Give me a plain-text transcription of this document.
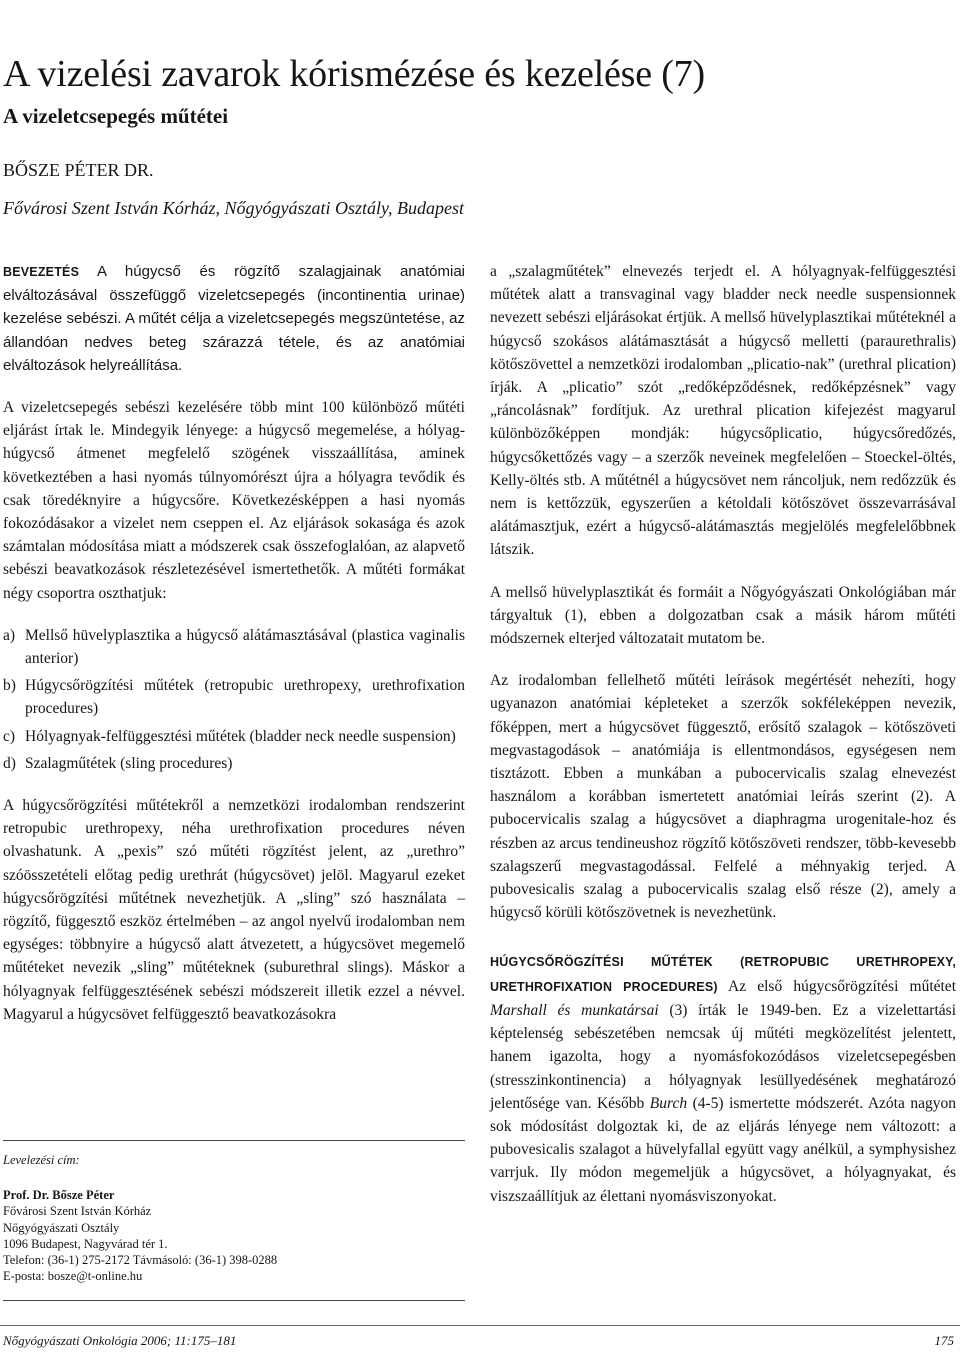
A vizelési zavarok kórismézése és kezelése (7)
A vizeletcsepegés műtétei
BŐSZE PÉTER DR.
Fővárosi Szent István Kórház, Nőgyógyászati Osztály, Budapest

BEVEZETÉS A húgycső és rögzítő szalagjainak anatómiai elváltozásával összefüggő vizeletcsepegés (incontinentia urinae) kezelése sebészi. A műtét célja a vizeletcsepegés megszüntetése, az állandóan nedves beteg szárazzá tétele, és az anatómiai elváltozások helyreállítása.

A vizeletcsepegés sebészi kezelésére több mint 100 különböző műtéti eljárást írtak le. Mindegyik lényege: a húgycső megemelése, a hólyag-húgycső átmenet megfelelő szögének visszaállítása, aminek következtében a hasi nyomás túlnyomórészt újra a hólyagra tevődik és csak töredéknyire a húgycsőre. Következésképpen a hasi nyomás fokozódásakor a vizelet nem cseppen el. Az eljárások sokasága és azok számtalan módosítása miatt a módszerek csak összefoglalóan, az alapvető sebészi beavatkozások részletezésével ismertethetők. A műtéti formákat négy csoportra oszthatjuk:

a) Mellső hüvelyplasztika a húgycső alátámasztásával (plastica vaginalis anterior)
b) Húgycsőrögzítési műtétek (retropubic urethropexy, urethrofixation procedures)
c) Hólyagnyak-felfüggesztési műtétek (bladder neck needle suspension)
d) Szalagműtétek (sling procedures)

A húgycsőrögzítési műtétekről a nemzetközi irodalomban rendszerint retropubic urethropexy, néha urethrofixation procedures néven olvashatunk. A „pexis” szó műtéti rögzítést jelent, az „urethro” szóösszetételi előtag pedig urethrát (húgycsövet) jelöl. Magyarul ezeket húgycsőrögzítési műtétnek nevezhetjük. A „sling” szó használata – rögzítő, függesztő eszköz értelmében – az angol nyelvű irodalomban nem egységes: többnyire a húgycső alatt átvezetett, a húgycsövet megemelő műtéteket nevezik „sling” műtéteknek (suburethral slings). Máskor a hólyagnyak felfüggesztésének sebészi módszereit illetik ezzel a névvel. Magyarul a húgycsövet felfüggesztő beavatkozásokra

Levelezési cím:
Prof. Dr. Bősze Péter
Fővárosi Szent István Kórház
Nőgyógyászati Osztály
1096 Budapest, Nagyvárad tér 1.
Telefon: (36-1) 275-2172 Távmásoló: (36-1) 398-0288
E-posta: bosze@t-online.hu

a „szalagműtétek” elnevezés terjedt el. A hólyagnyak-felfüggesztési műtétek alatt a transvaginal vagy bladder neck needle suspensionnek nevezett sebészi eljárásokat értjük. A mellső hüvelyplasztikai műtéteknél a húgycső szokásos alátámasztását a húgycső melletti (paraurethralis) kötőszövettel a nemzetközi irodalomban „plicatio-nak” (urethral plication) írják. A „plicatio” szót „redőképződésnek, redőképzésnek” vagy „ráncolásnak” fordítjuk. Az urethral plication kifejezést magyarul különbözőképpen mondják: húgycsőplicatio, húgycsőredőzés, húgycsőkettőzés vagy – a szerzők neveinek megfelelően – Stoeckel-öltés, Kelly-öltés stb. A műtétnél a húgycsövet nem ráncoljuk, nem redőzzük és nem is kettőzzük, egyszerűen a kétoldali kötőszövet összevarrásával alátámasztjuk, ezért a húgycső-alátámasztás megjelölés megfelelőbbnek látszik.

A mellső hüvelyplasztikát és formáit a Nőgyógyászati Onkológiában már tárgyaltuk (1), ebben a dolgozatban csak a másik három műtéti módszernek elterjed változatait mutatom be.

Az irodalomban fellelhető műtéti leírások megértését nehezíti, hogy ugyanazon anatómiai képleteket a szerzők sokféleképpen nevezik, főképpen, mert a húgycsövet függesztő, erősítő szalagok – kötőszöveti megvastagodások – anatómiája is ellentmondásos, egységesen nem tisztázott. Ebben a munkában a pubocervicalis szalag elnevezést használom a korábban ismertetett anatómiai leírás szerint (2). A pubocervicalis szalag a húgycsövet a diaphragma urogenitale-hoz és részben az arcus tendineushoz rögzítő kötőszöveti rendszer, több-kevesebb szalagszerű megvastagodással. Felfelé a méhnyakig terjed. A pubovesicalis szalag a pubocervicalis szalag első része (2), amely a húgycső körüli kötőszövetnek is nevezhetünk.

HÚGYCSŐRÖGZÍTÉSI MŰTÉTEK (RETROPUBIC URETHROPEXY, URETHROFIXATION PROCEDURES) Az első húgycsőrögzítési műtétet Marshall és munkatársai (3) írták le 1949-ben. Ez a vizelettartási képtelenség sebészetében nemcsak új műtéti megközelítést jelentett, hanem igazolta, hogy a nyomásfokozódásos vizeletcsepegésben (stresszinkontinencia) a hólyagnyak lesüllyedésének meghatározó jelentősége van. Később Burch (4-5) ismertette módszerét. Azóta nagyon sok módosítást dolgoztak ki, de az eljárás lényege nem változott: a pubovesicalis szalagot a hüvelyfallal együtt vagy anélkül, a symphysishez varrjuk. Ily módon megemeljük a húgycsövet, a hólyagnyakat, és viszszaállítjuk az élettani nyomásviszonyokat.

Nőgyógyászati Onkológia 2006; 11:175–181	175
